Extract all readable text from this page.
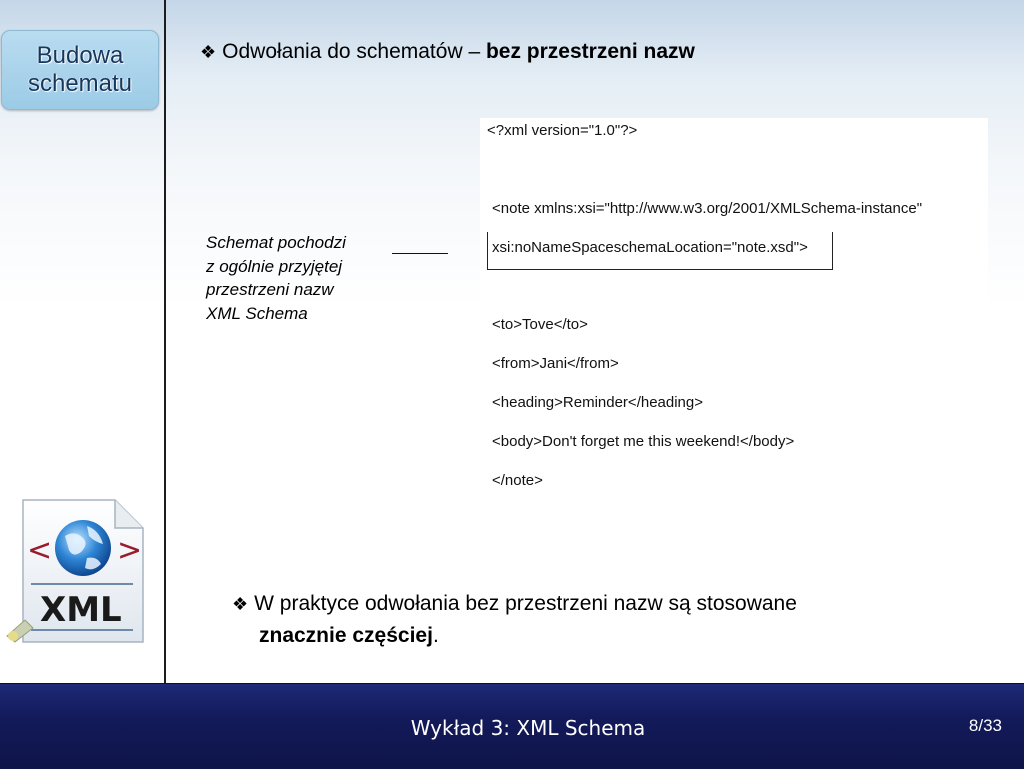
Budowa
schematu
❖ Odwołania do schematów – bez przestrzeni nazw
Schemat pochodzi
z ogólnie przyjętej
przestrzeni nazw
XML Schema
<?xml version="1.0"?>
<note xmlns:xsi="http://www.w3.org/2001/XMLSchema-instance"
xsi:noNameSpaceschemaLocation="note.xsd">
<to>Tove</to>
<from>Jani</from>
<heading>Reminder</heading>
<body>Don't forget me this weekend!</body>
</note>
< >
XML	❖ W praktyce odwołania bez przestrzeni nazw są stosowane
znacznie częściej.
Wykład 3: XML Schema	8/33
